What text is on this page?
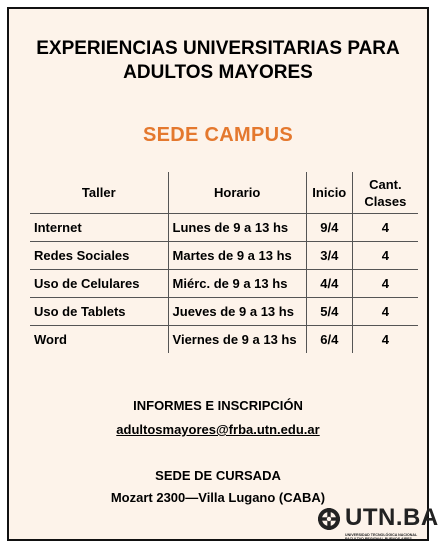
EXPERIENCIAS UNIVERSITARIAS PARA
ADULTOS MAYORES
SEDE CAMPUS
Taller	Horario	Inicio	Cant.
Clases
Internet	Lunes de 9 a 13 hs	9/4	4
Redes Sociales	Martes de 9 a 13 hs	3/4	4
Uso de Celulares	Miérc. de 9 a 13 hs	4/4	4
Uso de Tablets	Jueves de 9 a 13 hs	5/4	4
Word	Viernes de 9 a 13 hs	6/4	4
INFORMES E INSCRIPCIÓN
adultosmayores@frba.utn.edu.ar
SEDE DE CURSADA
Mozart 2300—Villa Lugano (CABA)
UTN.BA
UNIVERSIDAD TECNOLÓGICA NACIONAL
FACULTAD REGIONAL BUENOS AIRES
